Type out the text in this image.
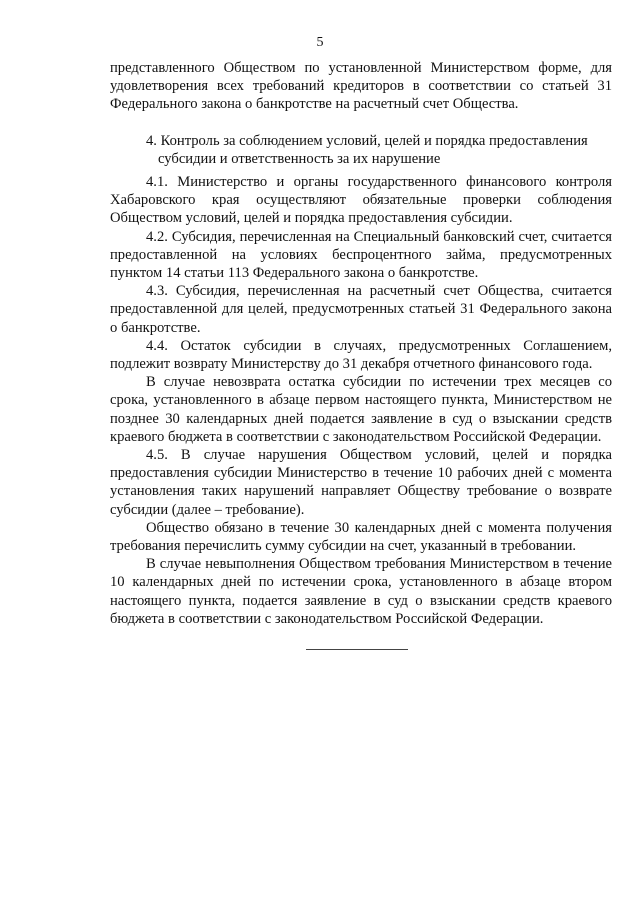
5

представленного Обществом по установленной Министерством форме, для удовлетворения всех требований кредиторов в соответствии со статьей 31 Федерального закона о банкротстве на расчетный счет Общества.

4. Контроль за соблюдением условий, целей и порядка предоставления
субсидии и ответственность за их нарушение

4.1. Министерство и органы государственного финансового контроля Хабаровского края осуществляют обязательные проверки соблюдения Обществом условий, целей и порядка предоставления субсидии.

4.2. Субсидия, перечисленная на Специальный банковский счет, считается предоставленной на условиях беспроцентного займа, предусмотренных пунктом 14 статьи 113 Федерального закона о банкротстве.

4.3. Субсидия, перечисленная на расчетный счет Общества, считается предоставленной для целей, предусмотренных статьей 31 Федерального закона о банкротстве.

4.4. Остаток субсидии в случаях, предусмотренных Соглашением, подлежит возврату Министерству до 31 декабря отчетного финансового года.

В случае невозврата остатка субсидии по истечении трех месяцев со срока, установленного в абзаце первом настоящего пункта, Министерством не позднее 30 календарных дней подается заявление в суд о взыскании средств краевого бюджета в соответствии с законодательством Российской Федерации.

4.5. В случае нарушения Обществом условий, целей и порядка предоставления субсидии Министерство в течение 10 рабочих дней с момента установления таких нарушений направляет Обществу требование о возврате субсидии (далее – требование).

Общество обязано в течение 30 календарных дней с момента получения требования перечислить сумму субсидии на счет, указанный в требовании.

В случае невыполнения Обществом требования Министерством в течение 10 календарных дней по истечении срока, установленного в абзаце втором настоящего пункта, подается заявление в суд о взыскании средств краевого бюджета в соответствии с законодательством Российской Федерации.
